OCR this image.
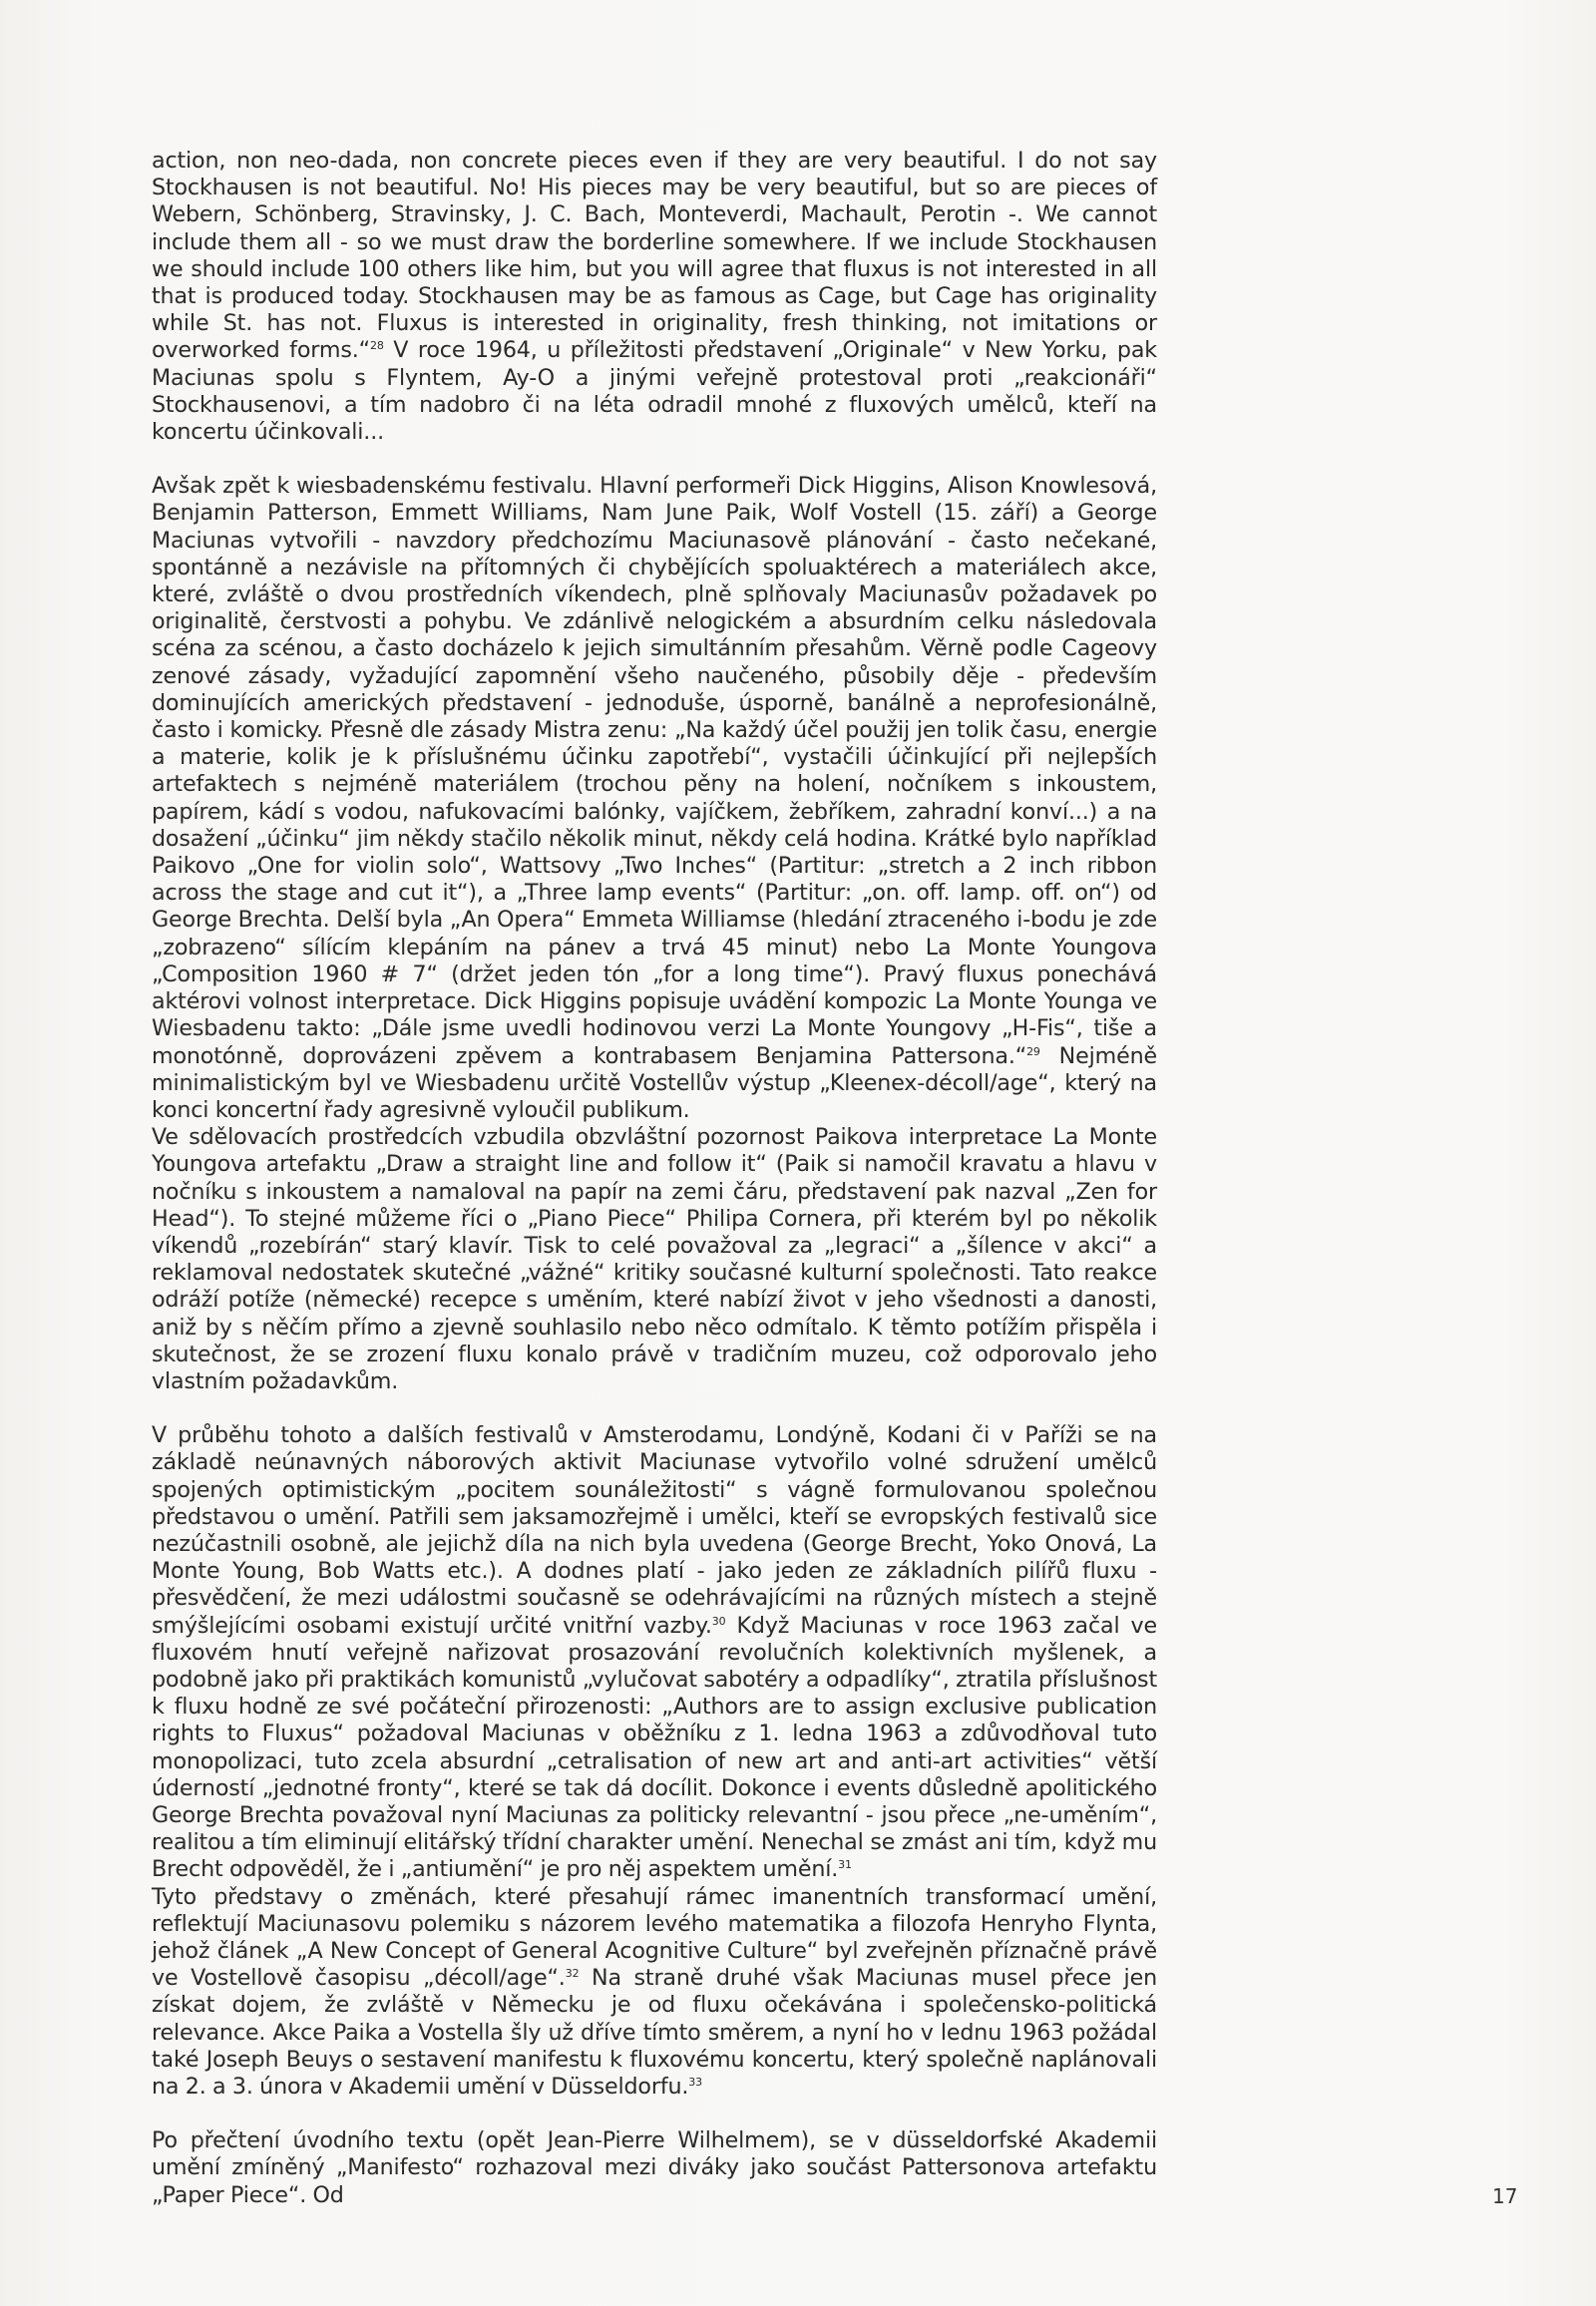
action, non neo-dada, non concrete pieces even if they are very beautiful. I do not say Stockhausen is not beautiful. No! His pieces may be very beautiful, but so are pieces of Webern, Schönberg, Stravinsky, J. C. Bach, Monteverdi, Machault, Perotin -. We cannot include them all - so we must draw the borderline somewhere. If we include Stockhausen we should include 100 others like him, but you will agree that fluxus is not interested in all that is produced today. Stockhausen may be as famous as Cage, but Cage has originality while St. has not. Fluxus is interested in originality, fresh thinking, not imitations or overworked forms.“$^{28}$ V roce 1964, u příležitosti představení „Originale“ v New Yorku, pak Maciunas spolu s Flyntem, Ay-O a jinými veřejně protestoval proti „reakcionáři“ Stockhausenovi, a tím nadobro či na léta odradil mnohé z fluxových umělců, kteří na koncertu účinkovali...

Avšak zpět k wiesbadenskému festivalu. Hlavní performeři Dick Higgins, Alison Knowlesová, Benjamin Patterson, Emmett Williams, Nam June Paik, Wolf Vostell (15. září) a George Maciunas vytvořili - navzdory předchozímu Maciunasově plánování - často nečekané, spontánně a nezávisle na přítomných či chybějících spoluaktérech a materiálech akce, které, zvláště o dvou prostředních víkendech, plně splňovaly Maciunasův požadavek po originalitě, čerstvosti a pohybu. Ve zdánlivě nelogickém a absurdním celku následovala scéna za scénou, a často docházelo k jejich simultánním přesahům. Věrně podle Cageovy zenové zásady, vyžadující zapomnění všeho naučeného, působily děje - především dominujících amerických představení - jednoduše, úsporně, banálně a neprofesionálně, často i komicky. Přesně dle zásady Mistra zenu: „Na každý účel použij jen tolik času, energie a materie, kolik je k příslušnému účinku zapotřebí“, vystačili účinkující při nejlepších artefaktech s nejméně materiálem (trochou pěny na holení, nočníkem s inkoustem, papírem, kádí s vodou, nafukovacími balónky, vajíčkem, žebříkem, zahradní konví...) a na dosažení „účinku“ jim někdy stačilo několik minut, někdy celá hodina. Krátké bylo například Paikovo „One for violin solo“, Wattsovy „Two Inches“ (Partitur: „stretch a 2 inch ribbon across the stage and cut it“), a „Three lamp events“ (Partitur: „on. off. lamp. off. on“) od George Brechta. Delší byla „An Opera“ Emmeta Williamse (hledání ztraceného i-bodu je zde „zobrazeno“ sílícím klepáním na pánev a trvá 45 minut) nebo La Monte Youngova „Composition 1960 # 7“ (držet jeden tón „for a long time“). Pravý fluxus ponechává aktérovi volnost interpretace. Dick Higgins popisuje uvádění kompozic La Monte Younga ve Wiesbadenu takto: „Dále jsme uvedli hodinovou verzi La Monte Youngovy „H-Fis“, tiše a monotónně, doprovázeni zpěvem a kontrabasem Benjamina Pattersona.“$^{29}$ Nejméně minimalistickým byl ve Wiesbadenu určitě Vostellův výstup „Kleenex-décoll/age“, který na konci koncertní řady agresivně vyloučil publikum.

Ve sdělovacích prostředcích vzbudila obzvláštní pozornost Paikova interpretace La Monte Youngova artefaktu „Draw a straight line and follow it“ (Paik si namočil kravatu a hlavu v nočníku s inkoustem a namaloval na papír na zemi čáru, představení pak nazval „Zen for Head“). To stejné můžeme říci o „Piano Piece“ Philipa Cornera, při kterém byl po několik víkendů „rozebírán“ starý klavír. Tisk to celé považoval za „legraci“ a „šílence v akci“ a reklamoval nedostatek skutečné „vážné“ kritiky současné kulturní společnosti. Tato reakce odráží potíže (německé) recepce s uměním, které nabízí život v jeho všednosti a danosti, aniž by s něčím přímo a zjevně souhlasilo nebo něco odmítalo. K těmto potížím přispěla i skutečnost, že se zrození fluxu konalo právě v tradičním muzeu, což odporovalo jeho vlastním požadavkům.

V průběhu tohoto a dalších festivalů v Amsterodamu, Londýně, Kodani či v Paříži se na základě neúnavných náborových aktivit Maciunase vytvořilo volné sdružení umělců spojených optimistickým „pocitem sounáležitosti“ s vágně formulovanou společnou představou o umění. Patřili sem jaksamozřejmě i umělci, kteří se evropských festivalů sice nezúčastnili osobně, ale jejichž díla na nich byla uvedena (George Brecht, Yoko Onová, La Monte Young, Bob Watts etc.). A dodnes platí - jako jeden ze základních pilířů fluxu - přesvědčení, že mezi událostmi současně se odehrávajícími na různých místech a stejně smýšlejícími osobami existují určité vnitřní vazby.$^{30}$ Když Maciunas v roce 1963 začal ve fluxovém hnutí veřejně nařizovat prosazování revolučních kolektivních myšlenek, a podobně jako při praktikách komunistů „vylučovat sabotéry a odpadlíky“, ztratila příslušnost k fluxu hodně ze své počáteční přirozenosti: „Authors are to assign exclusive publication rights to Fluxus“ požadoval Maciunas v oběžníku z 1. ledna 1963 a zdůvodňoval tuto monopolizaci, tuto zcela absurdní „cetralisation of new art and anti-art activities“ větší úderností „jednotné fronty“, které se tak dá docílit. Dokonce i events důsledně apolitického George Brechta považoval nyní Maciunas za politicky relevantní - jsou přece „ne-uměním“, realitou a tím eliminují elitářský třídní charakter umění. Nenechal se zmást ani tím, když mu Brecht odpověděl, že i „antiumění“ je pro něj aspektem umění.$^{31}$

Tyto představy o změnách, které přesahují rámec imanentních transformací umění, reflektují Maciunasovu polemiku s názorem levého matematika a filozofa Henryho Flynta, jehož článek „A New Concept of General Acognitive Culture“ byl zveřejněn příznačně právě ve Vostellově časopisu „décoll/age“.$^{32}$ Na straně druhé však Maciunas musel přece jen získat dojem, že zvláště v Německu je od fluxu očekávána i společensko-politická relevance. Akce Paika a Vostella šly už dříve tímto směrem, a nyní ho v lednu 1963 požádal také Joseph Beuys o sestavení manifestu k fluxovému koncertu, který společně naplánovali na 2. a 3. února v Akademii umění v Düsseldorfu.$^{33}$

Po přečtení úvodního textu (opět Jean-Pierre Wilhelmem), se v düsseldorfské Akademii umění zmíněný „Manifesto“ rozhazoval mezi diváky jako součást Pattersonova artefaktu „Paper Piece“. Od	17
